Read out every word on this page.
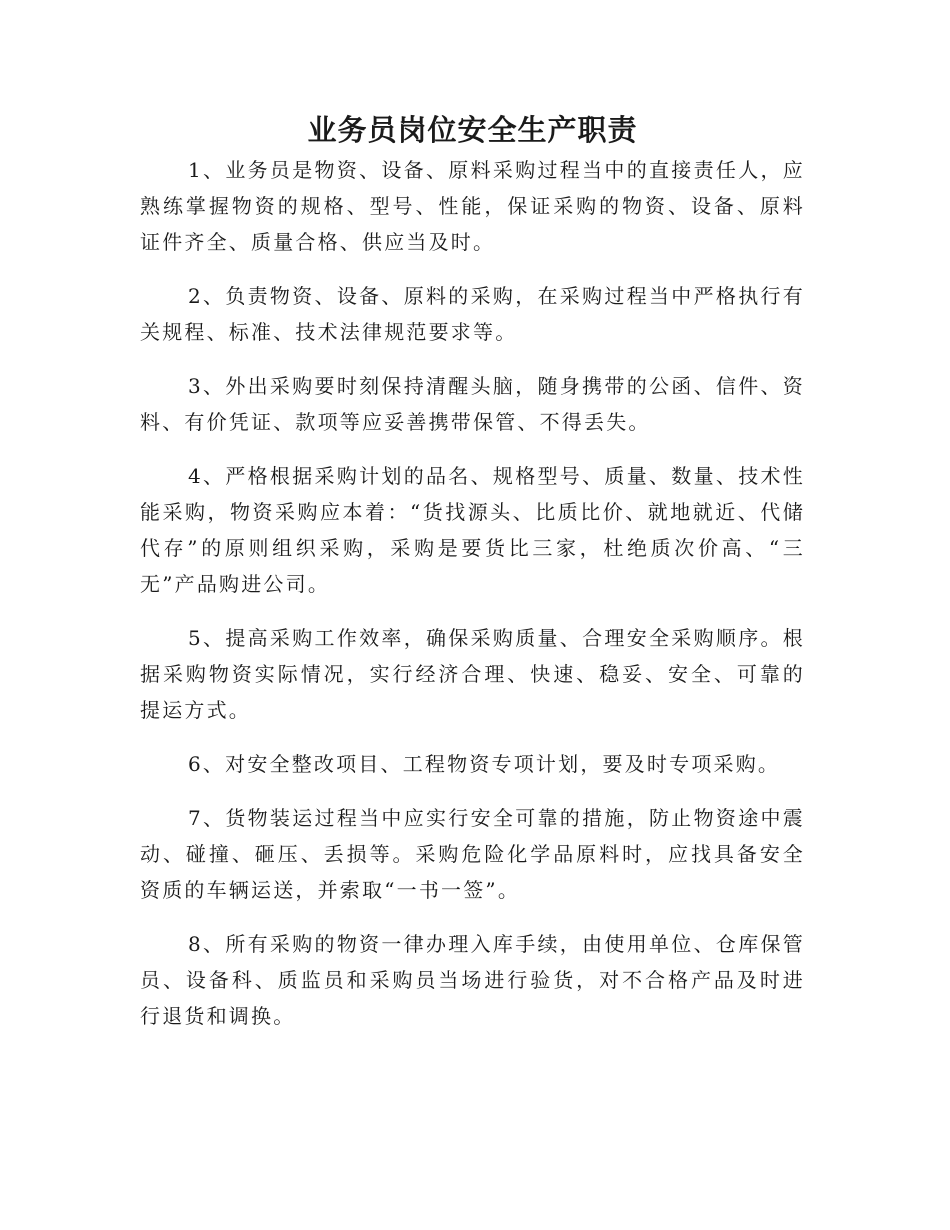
业务员岗位安全生产职责

1、业务员是物资、设备、原料采购过程当中的直接责任人，应熟练掌握物资的规格、型号、性能，保证采购的物资、设备、原料证件齐全、质量合格、供应当及时。

2、负责物资、设备、原料的采购，在采购过程当中严格执行有关规程、标准、技术法律规范要求等。

3、外出采购要时刻保持清醒头脑，随身携带的公函、信件、资料、有价凭证、款项等应妥善携带保管、不得丢失。

4、严格根据采购计划的品名、规格型号、质量、数量、技术性能采购，物资采购应本着：“货找源头、比质比价、就地就近、代储代存”的原则组织采购，采购是要货比三家，杜绝质次价高、“三无”产品购进公司。

5、提高采购工作效率，确保采购质量、合理安全采购顺序。根据采购物资实际情况，实行经济合理、快速、稳妥、安全、可靠的提运方式。

6、对安全整改项目、工程物资专项计划，要及时专项采购。

7、货物装运过程当中应实行安全可靠的措施，防止物资途中震动、碰撞、砸压、丢损等。采购危险化学品原料时，应找具备安全资质的车辆运送，并索取“一书一签”。

8、所有采购的物资一律办理入库手续，由使用单位、仓库保管员、设备科、质监员和采购员当场进行验货，对不合格产品及时进行退货和调换。
